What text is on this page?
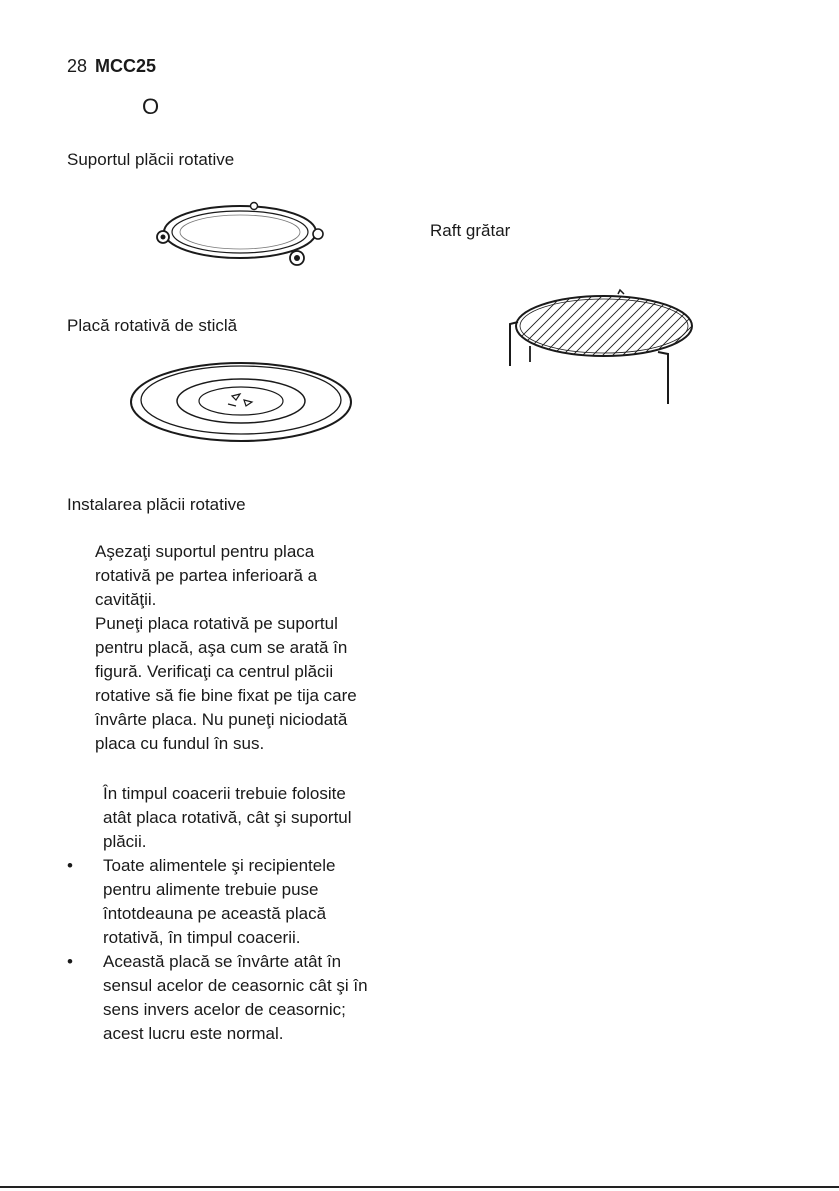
28 MCC25
O
Suportul plăcii rotative
Placă rotativă de sticlă
Raft grătar
Instalarea plăcii rotative

Aşezaţi suportul pentru placa

rotativă pe partea inferioară a

cavităţii.

Puneţi placa rotativă pe suportul

pentru placă, aşa cum se arată în

figură. Verificaţi ca centrul plăcii

rotative să fie bine fixat pe tija care

învârte placa. Nu puneţi niciodată

placa cu fundul în sus.

În timpul coacerii trebuie folosite

atât placa rotativă, cât şi suportul

plăcii.

•	Toate alimentele şi recipientele

pentru alimente trebuie puse

întotdeauna pe această placă

rotativă, în timpul coacerii.

•	Această placă se învârte atât în

sensul acelor de ceasornic cât şi în

sens invers acelor de ceasornic;

acest lucru este normal.
